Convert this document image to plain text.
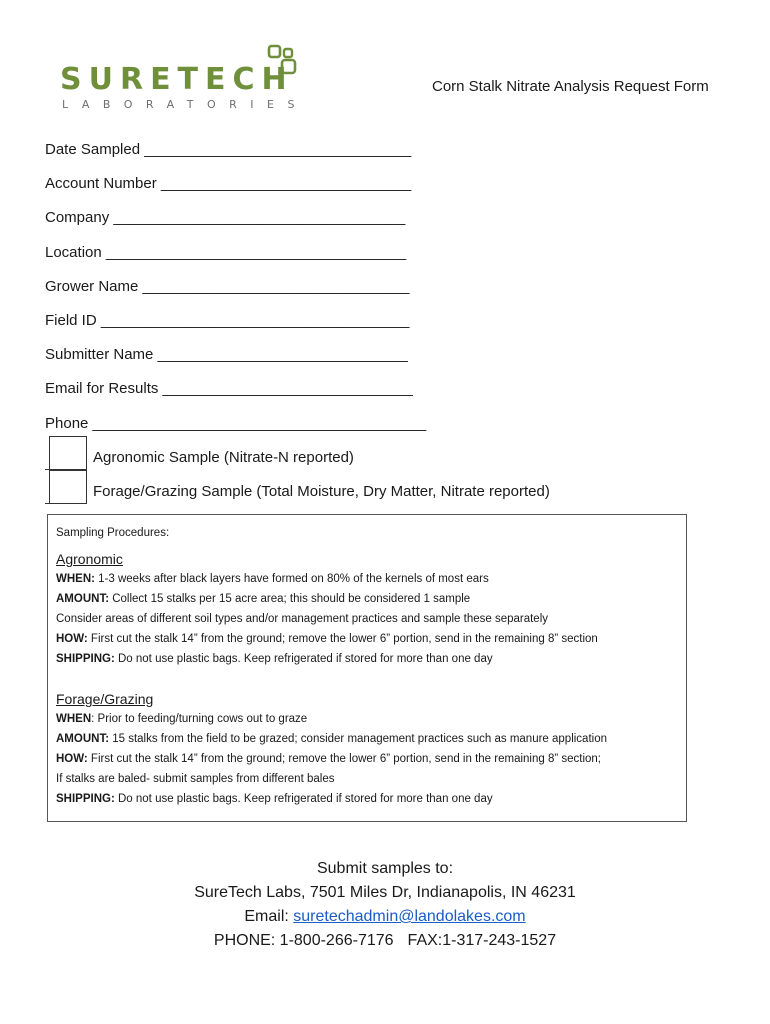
SURETECH
LABORATORIES
Corn Stalk Nitrate Analysis Request Form
Date Sampled ________________________________
Account Number ______________________________
Company ___________________________________
Location ____________________________________
Grower Name ________________________________
Field ID _____________________________________
Submitter Name ______________________________
Email for Results ______________________________
Phone ________________________________________
Agronomic Sample (Nitrate-N reported)
Forage/Grazing Sample (Total Moisture, Dry Matter, Nitrate reported)
Sampling Procedures:
Agronomic
WHEN: 1-3 weeks after black layers have formed on 80% of the kernels of most ears
AMOUNT: Collect 15 stalks per 15 acre area; this should be considered 1 sample
Consider areas of different soil types and/or management practices and sample these separately
HOW: First cut the stalk 14” from the ground; remove the lower 6” portion, send in the remaining 8” section
SHIPPING: Do not use plastic bags. Keep refrigerated if stored for more than one day
Forage/Grazing
WHEN: Prior to feeding/turning cows out to graze
AMOUNT: 15 stalks from the field to be grazed; consider management practices such as manure application
HOW: First cut the stalk 14” from the ground; remove the lower 6” portion, send in the remaining 8” section;
If stalks are baled- submit samples from different bales
SHIPPING: Do not use plastic bags. Keep refrigerated if stored for more than one day
Submit samples to:
SureTech Labs, 7501 Miles Dr, Indianapolis, IN 46231
Email: suretechadmin@landolakes.com
PHONE: 1-800-266-7176 FAX:1-317-243-1527
